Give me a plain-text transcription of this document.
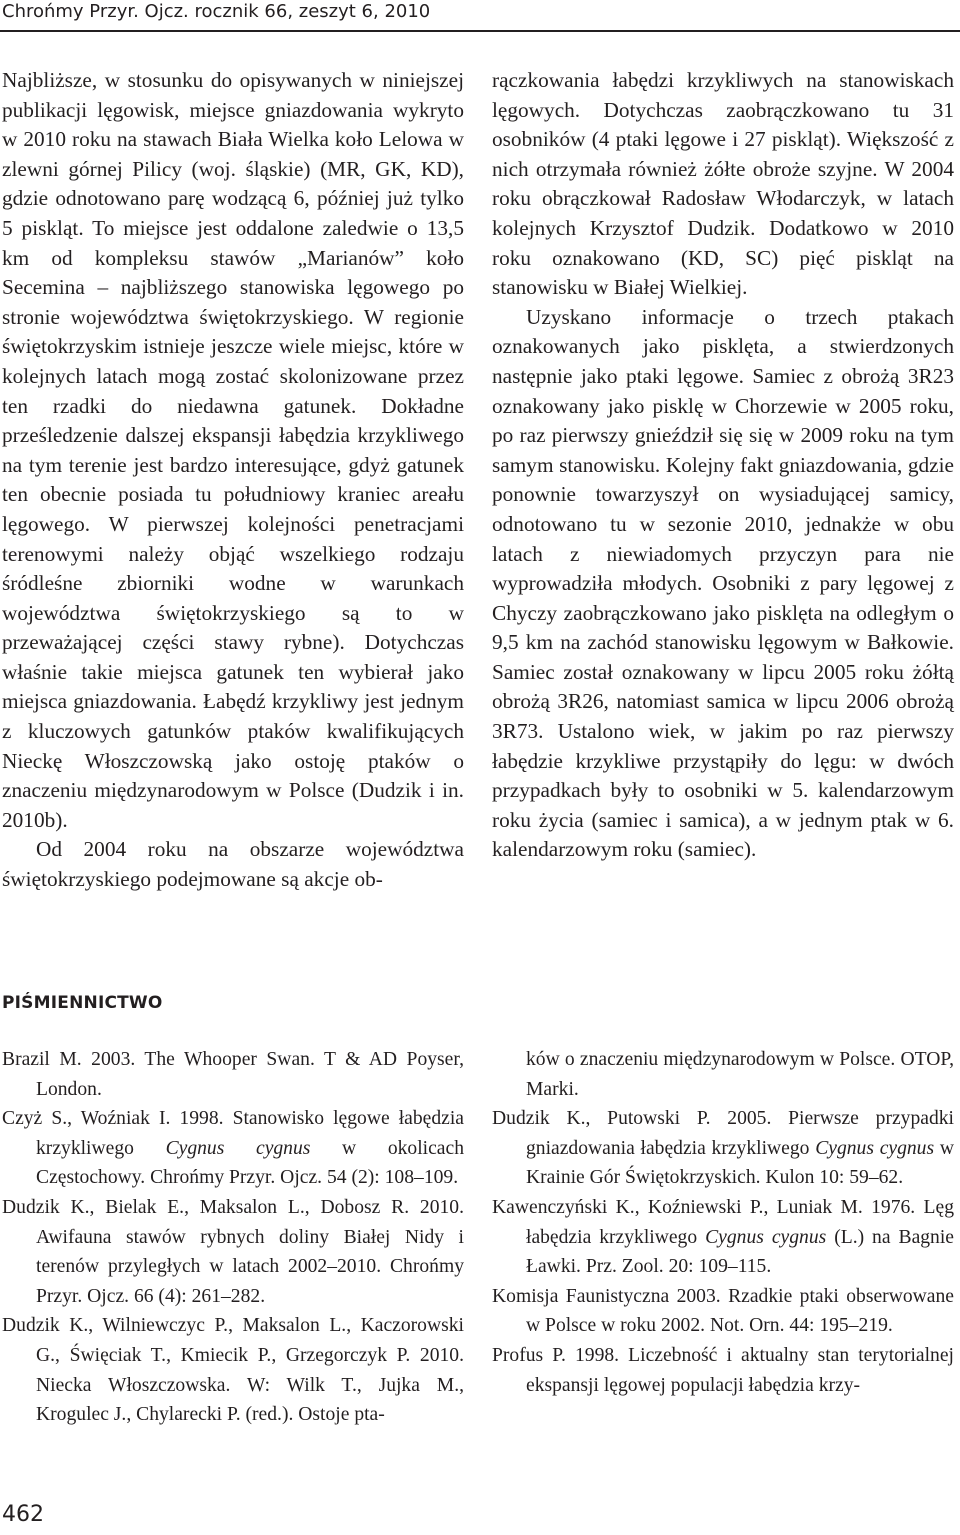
Chrońmy Przyr. Ojcz. rocznik 66, zeszyt 6, 2010

Najbliższe, w stosunku do opisywanych w niniejszej publikacji lęgowisk, miejsce gniazdowania wykryto w 2010 roku na stawach Biała Wielka koło Lelowa w zlewni górnej Pilicy (woj. śląskie) (MR, GK, KD), gdzie odnotowano parę wodzącą 6, później już tylko 5 piskląt. To miejsce jest oddalone zaledwie o 13,5 km od kompleksu stawów „Marianów” koło Secemina – najbliższego stanowiska lęgowego po stronie województwa świętokrzyskiego. W regionie świętokrzyskim istnieje jeszcze wiele miejsc, które w kolejnych latach mogą zostać skolonizowane przez ten rzadki do niedawna gatunek. Dokładne prześledzenie dalszej ekspansji łabędzia krzykliwego na tym terenie jest bardzo interesujące, gdyż gatunek ten obecnie posiada tu południowy kraniec areału lęgowego. W pierwszej kolejności penetracjami terenowymi należy objąć wszelkiego rodzaju śródleśne zbiorniki wodne w warunkach województwa świętokrzyskiego są to w przeważającej części stawy rybne). Dotychczas właśnie takie miejsca gatunek ten wybierał jako miejsca gniazdowania. Łabędź krzykliwy jest jednym z kluczowych gatunków ptaków kwalifikujących Nieckę Włoszczowską jako ostoję ptaków o znaczeniu międzynarodowym w Polsce (Dudzik i in. 2010b).

Od 2004 roku na obszarze województwa świętokrzyskiego podejmowane są akcje ob-

rączkowania łabędzi krzykliwych na stanowiskach lęgowych. Dotychczas zaobrączkowano tu 31 osobników (4 ptaki lęgowe i 27 piskląt). Większość z nich otrzymała również żółte obroże szyjne. W 2004 roku obrączkował Radosław Włodarczyk, w latach kolejnych Krzysztof Dudzik. Dodatkowo w 2010 roku oznakowano (KD, SC) pięć piskląt na stanowisku w Białej Wielkiej.

Uzyskano informacje o trzech ptakach oznakowanych jako pisklęta, a stwierdzonych następnie jako ptaki lęgowe. Samiec z obrożą 3R23 oznakowany jako pisklę w Chorzewie w 2005 roku, po raz pierwszy gnieździł się się w 2009 roku na tym samym stanowisku. Kolejny fakt gniazdowania, gdzie ponownie towarzyszył on wysiadującej samicy, odnotowano tu w sezonie 2010, jednakże w obu latach z niewiadomych przyczyn para nie wyprowadziła młodych. Osobniki z pary lęgowej z Chyczy zaobrączkowano jako pisklęta na odległym o 9,5 km na zachód stanowisku lęgowym w Bałkowie. Samiec został oznakowany w lipcu 2005 roku żółtą obrożą 3R26, natomiast samica w lipcu 2006 obrożą 3R73. Ustalono wiek, w jakim po raz pierwszy łabędzie krzykliwe przystąpiły do lęgu: w dwóch przypadkach były to osobniki w 5. kalendarzowym roku życia (samiec i samica), a w jednym ptak w 6. kalendarzowym roku (samiec).

PIŚMIENNICTWO

Brazil M. 2003. The Whooper Swan. T & AD Poyser, London.

Czyż S., Woźniak I. 1998. Stanowisko lęgowe łabędzia krzykliwego Cygnus cygnus w okolicach Częstochowy. Chrońmy Przyr. Ojcz. 54 (2): 108–109.

Dudzik K., Bielak E., Maksalon L., Dobosz R. 2010. Awifauna stawów rybnych doliny Białej Nidy i terenów przyległych w latach 2002–2010. Chrońmy Przyr. Ojcz. 66 (4): 261–282.

Dudzik K., Wilniewczyc P., Maksalon L., Kaczorowski G., Święciak T., Kmiecik P., Grzegorczyk P. 2010. Niecka Włoszczowska. W: Wilk T., Jujka M., Krogulec J., Chylarecki P. (red.). Ostoje pta-

ków o znaczeniu międzynarodowym w Polsce. OTOP, Marki.

Dudzik K., Putowski P. 2005. Pierwsze przypadki gniazdowania łabędzia krzykliwego Cygnus cygnus w Krainie Gór Świętokrzyskich. Kulon 10: 59–62.

Kawenczyński K., Koźniewski P., Luniak M. 1976. Lęg łabędzia krzykliwego Cygnus cygnus (L.) na Bagnie Ławki. Prz. Zool. 20: 109–115.

Komisja Faunistyczna 2003. Rzadkie ptaki obserwowane w Polsce w roku 2002. Not. Orn. 44: 195–219.

Profus P. 1998. Liczebność i aktualny stan terytorialnej ekspansji lęgowej populacji łabędzia krzy-

462
